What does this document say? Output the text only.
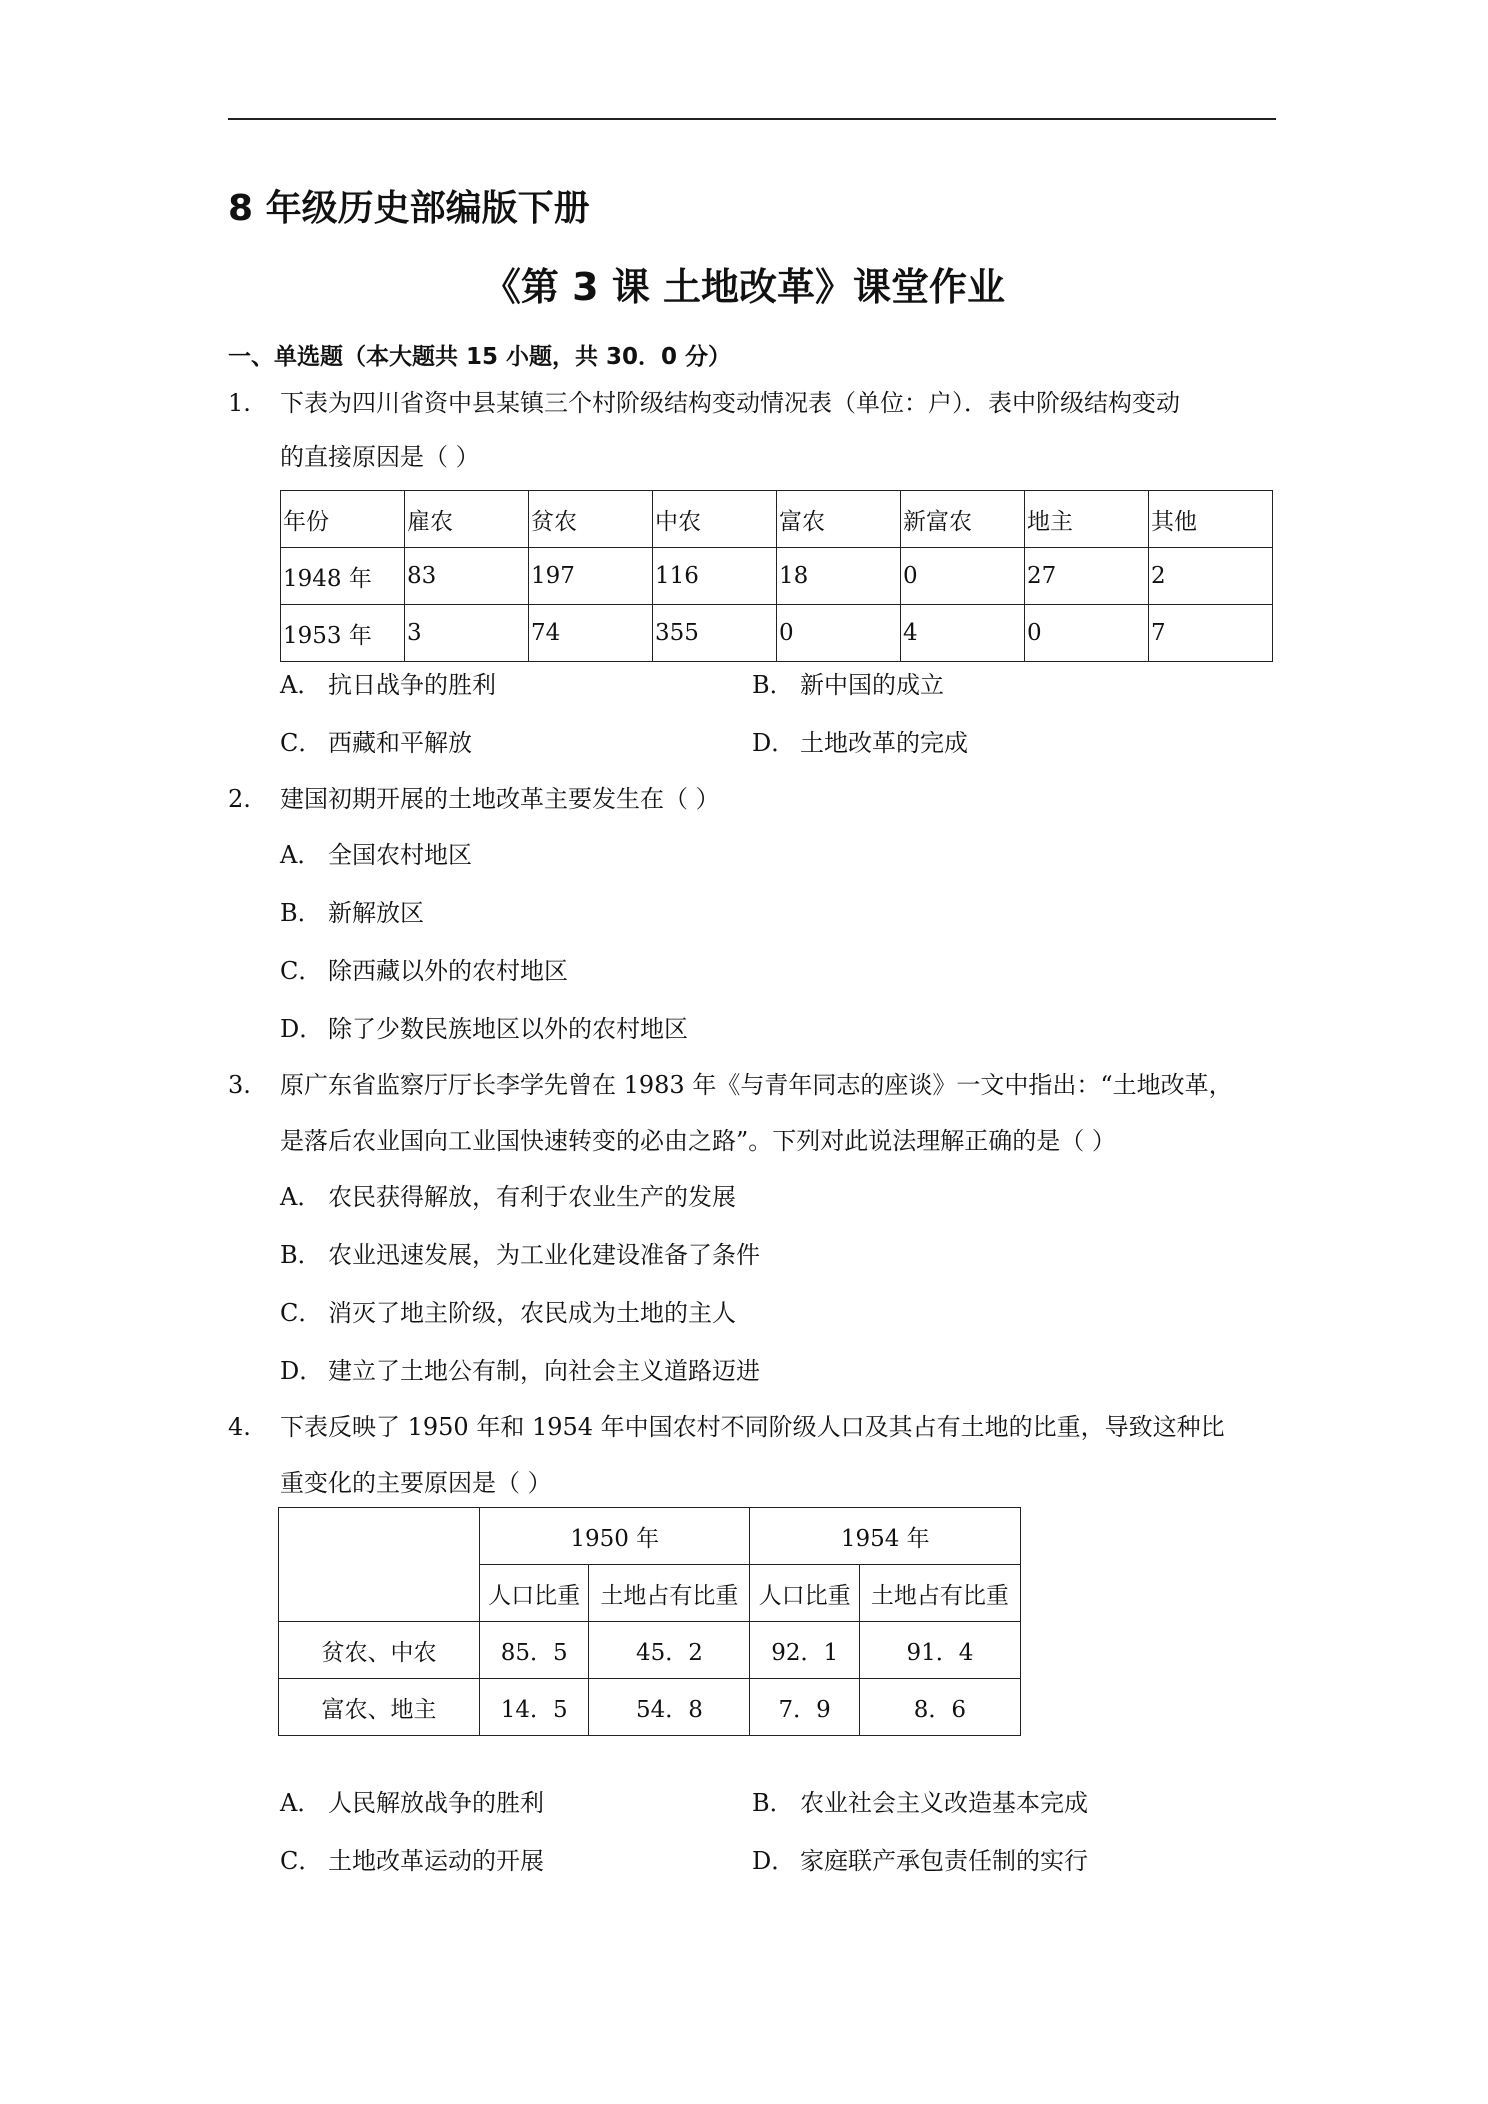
8 年级历史部编版下册
《第 3 课 土地改革》课堂作业
一、单选题（本大题共 15 小题，共 30．0 分）
1. 下表为四川省资中县某镇三个村阶级结构变动情况表（单位：户）．表中阶级结构变动
的直接原因是（ ）
年份	雇农	贫农	中农	富农	新富农	地主	其他
1948 年	83	197	116	18	0	27	2
1953 年	3	74	355	0	4	0	7
A． 抗日战争的胜利	B． 新中国的成立
C． 西藏和平解放	D． 土地改革的完成
2. 建国初期开展的土地改革主要发生在（ ）
A． 全国农村地区
B． 新解放区
C． 除西藏以外的农村地区
D． 除了少数民族地区以外的农村地区
3. 原广东省监察厅厅长李学先曾在 1983 年《与青年同志的座谈》一文中指出：“土地改革，
是落后农业国向工业国快速转变的必由之路”。下列对此说法理解正确的是（ ）
A． 农民获得解放，有利于农业生产的发展
B． 农业迅速发展，为工业化建设准备了条件
C． 消灭了地主阶级，农民成为土地的主人
D． 建立了土地公有制，向社会主义道路迈进
4. 下表反映了 1950 年和 1954 年中国农村不同阶级人口及其占有土地的比重，导致这种比
重变化的主要原因是（ ）
	1950 年		1954 年	
	人口比重	土地占有比重	人口比重	土地占有比重
贫农、中农	85．5	45．2	92．1	91．4
富农、地主	14．5	54．8	7．9	8．6
A． 人民解放战争的胜利	B． 农业社会主义改造基本完成
C． 土地改革运动的开展	D． 家庭联产承包责任制的实行
